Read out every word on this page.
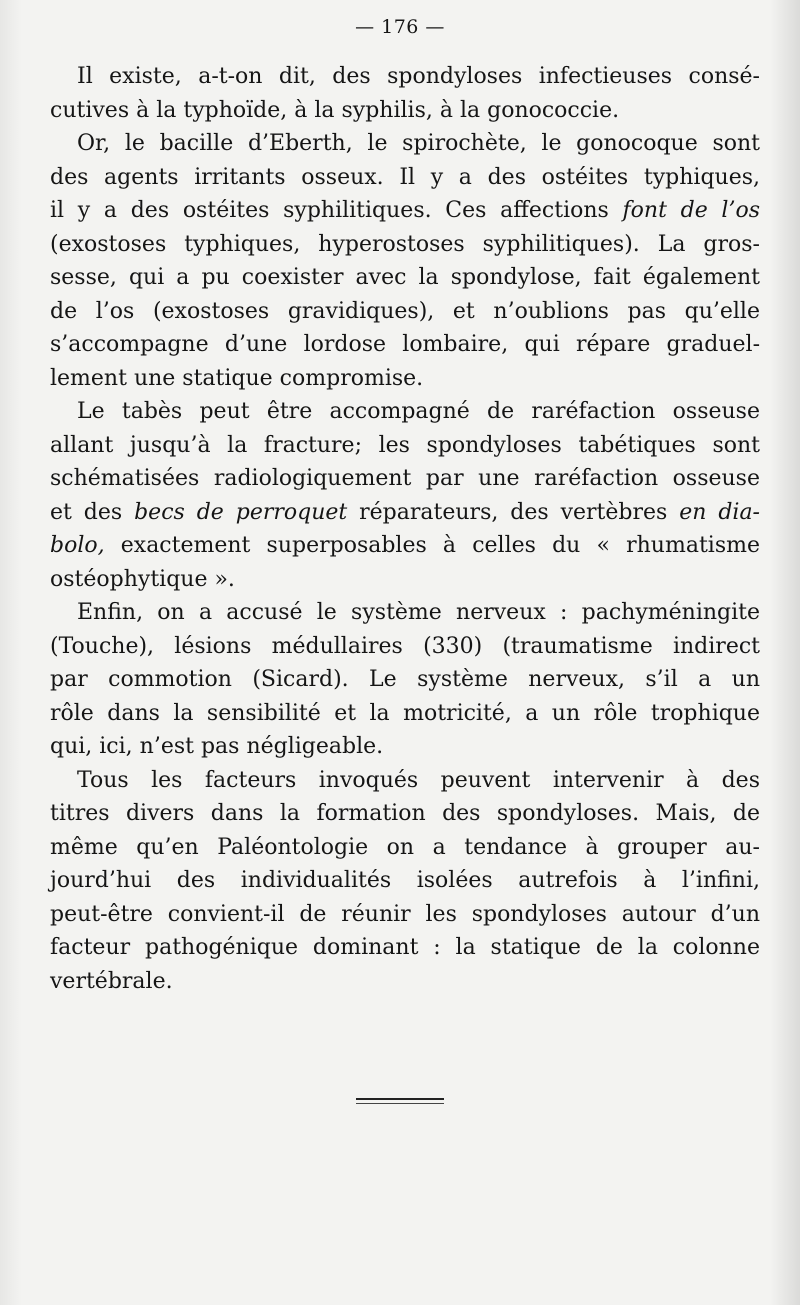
— 176 —
Il existe, a-t-on dit, des spondyloses infectieuses consé-
cutives à la typhoïde, à la syphilis, à la gonococcie.
Or, le bacille d’Eberth, le spirochète, le gonocoque sont
des agents irritants osseux. Il y a des ostéites typhiques,
il y a des ostéites syphilitiques. Ces affections font de l’os
(exostoses typhiques, hyperostoses syphilitiques). La gros-
sesse, qui a pu coexister avec la spondylose, fait également
de l’os (exostoses gravidiques), et n’oublions pas qu’elle
s’accompagne d’une lordose lombaire, qui répare graduel-
lement une statique compromise.
Le tabès peut être accompagné de raréfaction osseuse
allant jusqu’à la fracture; les spondyloses tabétiques sont
schématisées radiologiquement par une raréfaction osseuse
et des becs de perroquet réparateurs, des vertèbres en dia-
bolo, exactement superposables à celles du « rhumatisme
ostéophytique ».
Enfin, on a accusé le système nerveux : pachyméningite
(Touche), lésions médullaires (330) (traumatisme indirect
par commotion (Sicard). Le système nerveux, s’il a un
rôle dans la sensibilité et la motricité, a un rôle trophique
qui, ici, n’est pas négligeable.
Tous les facteurs invoqués peuvent intervenir à des
titres divers dans la formation des spondyloses. Mais, de
même qu’en Paléontologie on a tendance à grouper au-
jourd’hui des individualités isolées autrefois à l’infini,
peut-être convient-il de réunir les spondyloses autour d’un
facteur pathogénique dominant : la statique de la colonne
vertébrale.
